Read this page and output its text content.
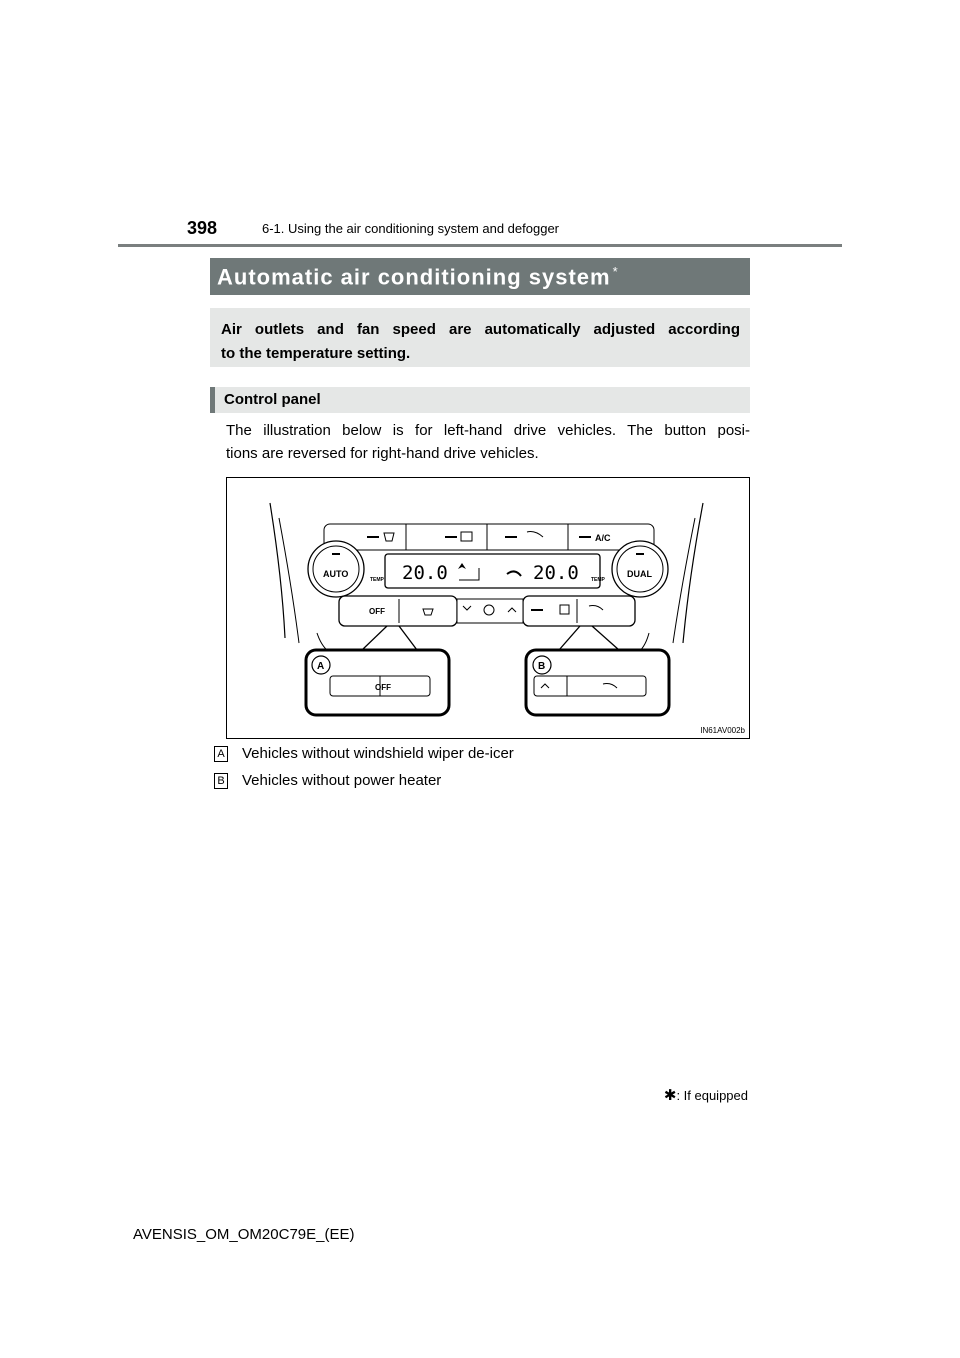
398	6-1. Using the air conditioning system and defogger
Automatic air conditioning system *
Air outlets and fan speed are automatically adjusted according
to the temperature setting.
Control panel
The illustration below is for left-hand drive vehicles. The button posi-
tions are reversed for right-hand drive vehicles.
A/C
20.0	20.0
AUTO
TEMP
DUAL
TEMP
OFF
OFF
A	B
IN61AV002b
A Vehicles without windshield wiper de-icer
B Vehicles without power heater
✱: If equipped
AVENSIS_OM_OM20C79E_(EE)
